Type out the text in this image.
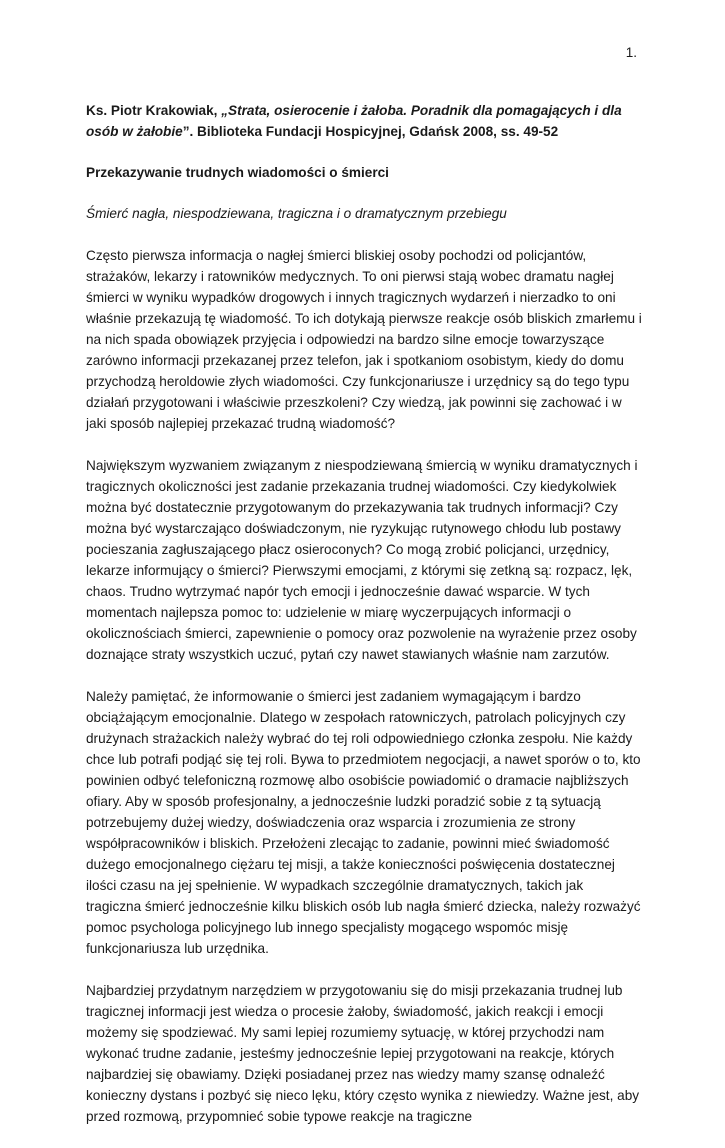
1.

Ks. Piotr Krakowiak, „Strata, osierocenie i żałoba. Poradnik dla pomagających i dla osób w żałobie”. Biblioteka Fundacji Hospicyjnej, Gdańsk 2008, ss. 49-52

Przekazywanie trudnych wiadomości o śmierci

Śmierć nagła, niespodziewana, tragiczna i o dramatycznym przebiegu

Często pierwsza informacja o nagłej śmierci bliskiej osoby pochodzi od policjantów, strażaków, lekarzy i ratowników medycznych. To oni pierwsi stają wobec dramatu nagłej śmierci w wyniku wypadków drogowych i innych tragicznych wydarzeń i nierzadko to oni właśnie przekazują tę wiadomość. To ich dotykają pierwsze reakcje osób bliskich zmarłemu i na nich spada obowiązek przyjęcia i odpowiedzi na bardzo silne emocje towarzyszące zarówno informacji przekazanej przez telefon, jak i spotkaniom osobistym, kiedy do domu przychodzą heroldowie złych wiadomości. Czy funkcjonariusze i urzędnicy są do tego typu działań przygotowani i właściwie przeszkoleni? Czy wiedzą, jak powinni się zachować i w jaki sposób najlepiej przekazać trudną wiadomość?

Największym wyzwaniem związanym z niespodziewaną śmiercią w wyniku dramatycznych i tragicznych okoliczności jest zadanie przekazania trudnej wiadomości. Czy kiedykolwiek można być dostatecznie przygotowanym do przekazywania tak trudnych informacji? Czy można być wystarczająco doświadczonym, nie ryzykując rutynowego chłodu lub postawy pocieszania zagłuszającego płacz osieroconych? Co mogą zrobić policjanci, urzędnicy, lekarze informujący o śmierci? Pierwszymi emocjami, z którymi się zetkną są: rozpacz, lęk, chaos. Trudno wytrzymać napór tych emocji i jednocześnie dawać wsparcie. W tych momentach najlepsza pomoc to: udzielenie w miarę wyczerpujących informacji o okolicznościach śmierci, zapewnienie o pomocy oraz pozwolenie na wyrażenie przez osoby doznające straty wszystkich uczuć, pytań czy nawet stawianych właśnie nam zarzutów.

Należy pamiętać, że informowanie o śmierci jest zadaniem wymagającym i bardzo obciążającym emocjonalnie. Dlatego w zespołach ratowniczych, patrolach policyjnych czy drużynach strażackich należy wybrać do tej roli odpowiedniego członka zespołu. Nie każdy chce lub potrafi podjąć się tej roli. Bywa to przedmiotem negocjacji, a nawet sporów o to, kto powinien odbyć telefoniczną rozmowę albo osobiście powiadomić o dramacie najbliższych ofiary. Aby w sposób profesjonalny, a jednocześnie ludzki poradzić sobie z tą sytuacją potrzebujemy dużej wiedzy, doświadczenia oraz wsparcia i zrozumienia ze strony współpracowników i bliskich. Przełożeni zlecając to zadanie, powinni mieć świadomość dużego emocjonalnego ciężaru tej misji, a także konieczności poświęcenia dostatecznej ilości czasu na jej spełnienie. W wypadkach szczególnie dramatycznych, takich jak tragiczna śmierć jednocześnie kilku bliskich osób lub nagła śmierć dziecka, należy rozważyć pomoc psychologa policyjnego lub innego specjalisty mogącego wspomóc misję funkcjonariusza lub urzędnika.

Najbardziej przydatnym narzędziem w przygotowaniu się do misji przekazania trudnej lub tragicznej informacji jest wiedza o procesie żałoby, świadomość, jakich reakcji i emocji możemy się spodziewać. My sami lepiej rozumiemy sytuację, w której przychodzi nam wykonać trudne zadanie, jesteśmy jednocześnie lepiej przygotowani na reakcje, których najbardziej się obawiamy. Dzięki posiadanej przez nas wiedzy mamy szansę odnaleźć konieczny dystans i pozbyć się nieco lęku, który często wynika z niewiedzy. Ważne jest, aby przed rozmową, przypomnieć sobie typowe reakcje na tragiczne
